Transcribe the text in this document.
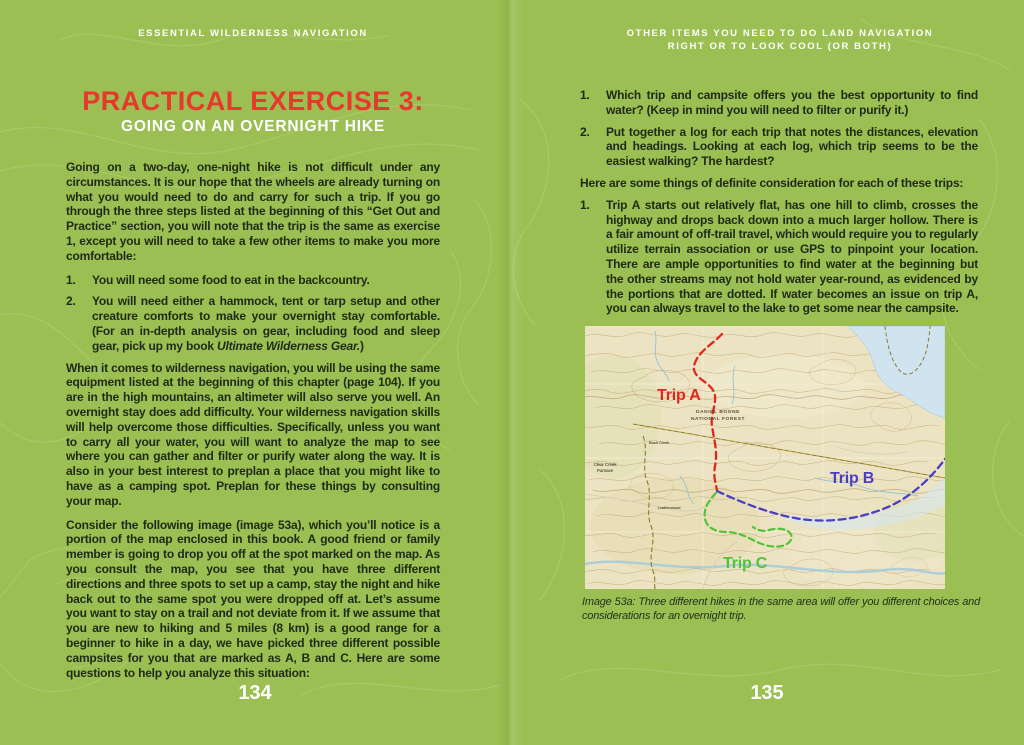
ESSENTIAL WILDERNESS NAVIGATION
PRACTICAL EXERCISE 3:
GOING ON AN OVERNIGHT HIKE

Going on a two-day, one-night hike is not difficult under any circumstances. It is our hope that the wheels are already turning on what you would need to do and carry for such a trip. If you go through the three steps listed at the beginning of this “Get Out and Practice” section, you will note that the trip is the same as exercise 1, except you will need to take a few other items to make you more comfortable:

1.	You will need some food to eat in the backcountry.
2.	You will need either a hammock, tent or tarp setup and other creature comforts to make your overnight stay comfortable. (For an in-depth analysis on gear, including food and sleep gear, pick up my book Ultimate Wilderness Gear.)

When it comes to wilderness navigation, you will be using the same equipment listed at the beginning of this chapter (page 104). If you are in the high mountains, an altimeter will also serve you well. An overnight stay does add difficulty. Your wilderness navigation skills will help overcome those difficulties. Specifically, unless you want to carry all your water, you will want to analyze the map to see where you can gather and filter or purify water along the way. It is also in your best interest to preplan a place that you might like to have as a camping spot. Preplan for these things by consulting your map.

Consider the following image (image 53a), which you’ll notice is a portion of the map enclosed in this book. A good friend or family member is going to drop you off at the spot marked on the map. As you consult the map, you see that you have three different directions and three spots to set up a camp, stay the night and hike back out to the same spot you were dropped off at. Let’s assume you want to stay on a trail and not deviate from it. If we assume that you are new to hiking and 5 miles (8 km) is a good range for a beginner to hike in a day, we have picked three different possible campsites for you that are marked as A, B and C. Here are some questions to help you analyze this situation:

134
OTHER ITEMS YOU NEED TO DO LAND NAVIGATION
RIGHT OR TO LOOK COOL (OR BOTH)
1.	Which trip and campsite offers you the best opportunity to find water? (Keep in mind you will need to filter or purify it.)
2.	Put together a log for each trip that notes the distances, elevation and headings. Looking at each log, which trip seems to be the easiest walking? The hardest?

Here are some things of definite consideration for each of these trips:

1.	Trip A starts out relatively flat, has one hill to climb, crosses the highway and drops back down into a much larger hollow. There is a fair amount of off-trail travel, which would require you to regularly utilize terrain association or use GPS to pinpoint your location. There are ample opportunities to find water at the beginning but the other streams may not hold water year-round, as evidenced by the portions that are dotted. If water becomes an issue on trip A, you can always travel to the lake to get some near the campsite.
Trip A
Trip B
Trip C
DANIEL BOONE
NATIONAL FOREST
Clear Creek
Furnace
Leatherwood
Bush Creek
Image 53a: Three different hikes in the same area will offer you different choices and considerations for an overnight trip.
135
